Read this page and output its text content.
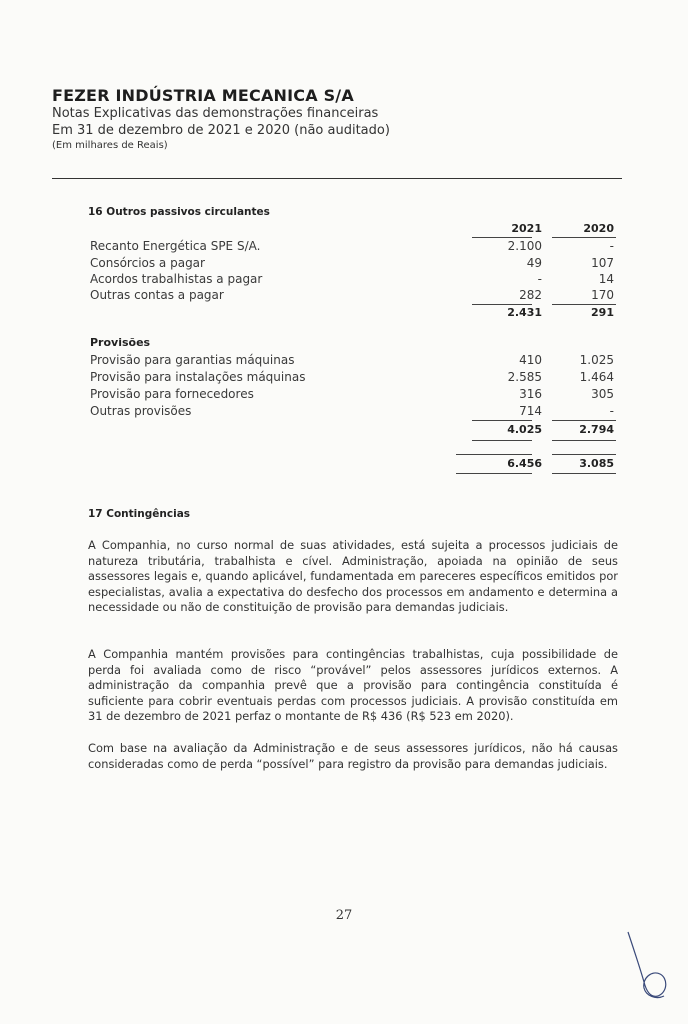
FEZER INDÚSTRIA MECANICA S/A
Notas Explicativas das demonstrações financeiras
Em 31 de dezembro de 2021 e 2020 (não auditado)
(Em milhares de Reais)
16 Outros passivos circulantes
2021	2020
Recanto Energética SPE S/A.	2.100	-
Consórcios a pagar	49	107
Acordos trabalhistas a pagar	-	14
Outras contas a pagar	282	170
2.431	291
Provisões
Provisão para garantias máquinas	410	1.025
Provisão para instalações máquinas	2.585	1.464
Provisão para fornecedores	316	305
Outras provisões	714	-
4.025	2.794
6.456	3.085
17 Contingências
A Companhia, no curso normal de suas atividades, está sujeita a processos judiciais de natureza tributária, trabalhista e cível. Administração, apoiada na opinião de seus assessores legais e, quando aplicável, fundamentada em pareceres específicos emitidos por especialistas, avalia a expectativa do desfecho dos processos em andamento e determina a necessidade ou não de constituição de provisão para demandas judiciais.
A Companhia mantém provisões para contingências trabalhistas, cuja possibilidade de perda foi avaliada como de risco “provável” pelos assessores jurídicos externos. A administração da companhia prevê que a provisão para contingência constituída é suficiente para cobrir eventuais perdas com processos judiciais. A provisão constituída em 31 de dezembro de 2021 perfaz o montante de R$ 436 (R$ 523 em 2020).
Com base na avaliação da Administração e de seus assessores jurídicos, não há causas consideradas como de perda “possível” para registro da provisão para demandas judiciais.
27
